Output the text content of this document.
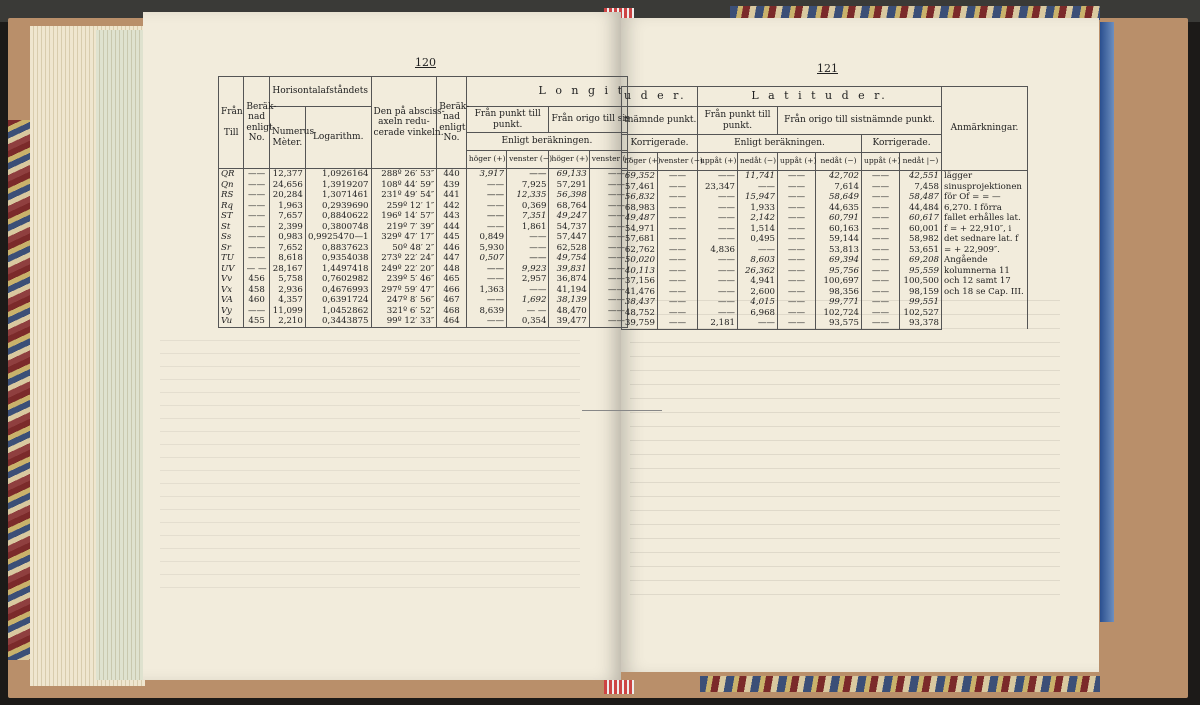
120	121
Från

Till	Beräk-
nad
enligt
No.	Horisontalafståndets		Den på absciss-
axeln redu-
cerade vinkeln.	Beräk-
nad
enligt
No.	L o n g i t			
		Numerus
Mèter.	Logarithm.			Från punkt till
punkt.		Från origo till sis	
						Enligt beräkningen.			
						höger (+)	venster (−)	höger (+)	venster (−
QR	——	12,377	1,0926164	288º 26′ 53″	440	3,917	——	69,133	——
Qn	——	24,656	1,3919207	108º 44′ 59″	439	——	7,925	57,291	——
RS	——	20,284	1,3071461	231º 49′ 54″	441	——	12,335	56,398	——
Rq	——	1,963	0,2939690	259º 12′ 1″	442	——	0,369	68,764	——
ST	——	7,657	0,8840622	196º 14′ 57″	443	——	7,351	49,247	——
St	——	2,399	0,3800748	219º 7′ 39″	444	——	1,861	54,737	——
Ss	——	0,983	0,9925470—1	329º 47′ 17″	445	0,849	——	57,447	——
Sr	——	7,652	0,8837623	50º 48′ 2″	446	5,930	——	62,528	——
TU	——	8,618	0,9354038	273º 22′ 24″	447	0,507	——	49,754	——
UV	— —	28,167	1,4497418	249º 22′ 20″	448	——	9,923	39,831	——
Vv	456	5,758	0,7602982	239º 5′ 46″	465	——	2,957	36,874	——
Vx	458	2,936	0,4676993	297º 59′ 47″	466	1,363	——	41,194	——
VA	460	4,357	0,6391724	247º 8′ 56″	467	——	1,692	38,139	——
Vy	——	11,099	1,0452862	321º 6′ 52″	468	8,639	— —	48,470	——
Vu	455	2,210	0,3443875	99º 12′ 33″	464	——	0,354	39,477	——
u d e r.		L a t i t u d e r.						Anmärkningar.
tnämnde punkt.		Från punkt till
punkt.		Från origo till sistnämnde punkt.				
Korrigerade.		Enligt beräkningen.				Korrigerade.		
höger (+)	venster (−)	uppåt (+)	nedåt (−)	uppåt (+)	nedåt (−)	uppåt (+)	nedåt |−)	
69,352	——	——	11,741	——	42,702	——	42,551	lägger sinusprojektionen för Of = = — 6,270. I förra fallet erhålles lat. f = + 22,910″, i det sednare lat. f = + 22,909″. Angående kolumnerna 11 och 12 samt 17 och 18 se Cap. III.
57,461	——	23,347	——	——	7,614	——	7,458	
56,832	——	——	15,947	——	58,649	——	58,487	
68,983	——	——	1,933	——	44,635	——	44,484	
49,487	——	——	2,142	——	60,791	——	60,617	
54,971	——	——	1,514	——	60,163	——	60,001	
57,681	——	——	0,495	——	59,144	——	58,982	
62,762	——	4,836	——	——	53,813	——	53,651	
50,020	——	——	8,603	——	69,394	——	69,208	
40,113	——	——	26,362	——	95,756	——	95,559	
37,156	——	——	4,941	——	100,697	——	100,500	
41,476	——	——	2,600	——	98,356	——	98,159	
38,437	——	——	4,015	——	99,771	——	99,551	
48,752	——	——	6,968	——	102,724	——	102,527	
39,759	——	2,181	——	——	93,575	——	93,378	
